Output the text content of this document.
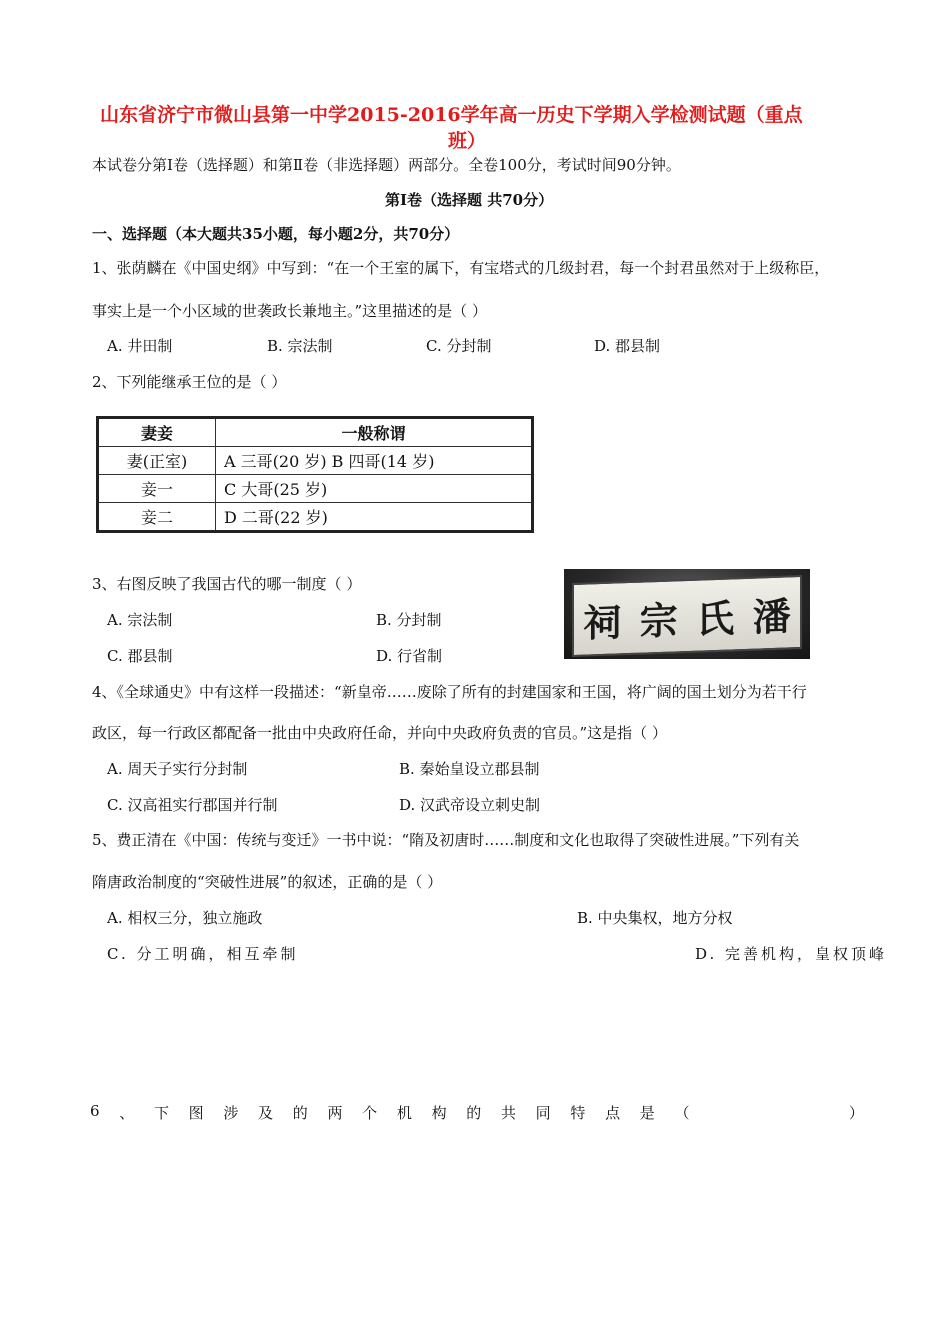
山东省济宁市微山县第一中学2015-2016学年高一历史下学期入学检测试题（重点
班）
本试卷分第Ⅰ卷（选择题）和第Ⅱ卷（非选择题）两部分。全卷100分，考试时间90分钟。
第Ⅰ卷（选择题 共70分）
一、选择题（本大题共35小题，每小题2分，共70分）
1、张荫麟在《中国史纲》中写到：“在一个王室的属下，有宝塔式的几级封君，每一个封君虽然对于上级称臣，
事实上是一个小区域的世袭政长兼地主。”这里描述的是（ ）
A. 井田制	B. 宗法制	C. 分封制	D. 郡县制
2、下列能继承王位的是（ ）
妻妾	一般称谓
妻(正室)	A 三哥(20 岁) B 四哥(14 岁)
妾一	C 大哥(25 岁)
妾二	D 二哥(22 岁)
3、右图反映了我国古代的哪一制度（ ）
A. 宗法制	B. 分封制
C. 郡县制	D. 行省制
祠 宗 氏 潘
4、《全球通史》中有这样一段描述：“新皇帝……废除了所有的封建国家和王国，将广阔的国土划分为若干行
政区，每一行政区都配备一批由中央政府任命，并向中央政府负责的官员。”这是指（ ）
A. 周天子实行分封制	B. 秦始皇设立郡县制
C. 汉高祖实行郡国并行制	D. 汉武帝设立刺史制
5、费正清在《中国：传统与变迁》一书中说：“隋及初唐时……制度和文化也取得了突破性进展。”下列有关
隋唐政治制度的“突破性进展”的叙述，正确的是（ ）
A. 相权三分，独立施政	B. 中央集权，地方分权
C. 分工明确，相互牵制	D. 完善机构，皇权顶峰
6 、 下 图 涉 及 的 两 个 机 构 的 共 同 特 点 是 （	）
